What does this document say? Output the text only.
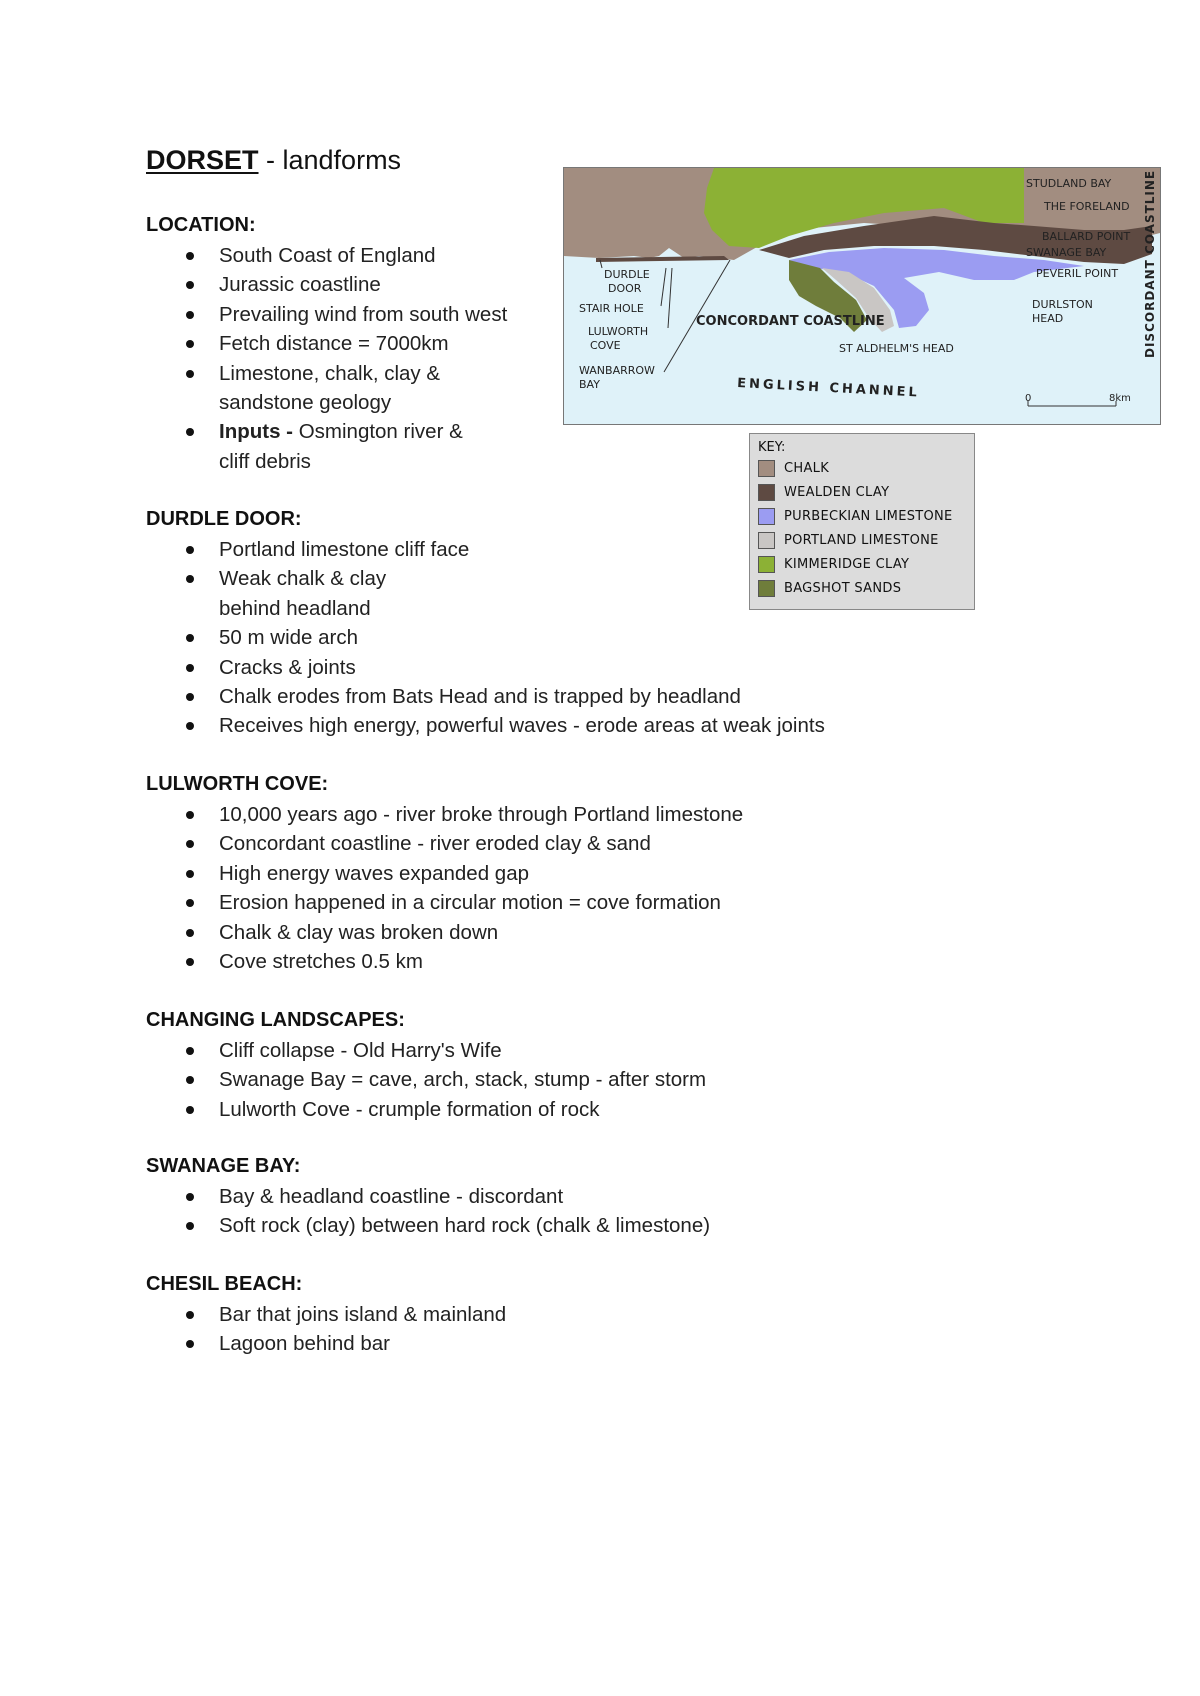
DORSET - landforms
LOCATION:
South Coast of England
Jurassic coastline
Prevailing wind from south west
Fetch distance = 7000km
Limestone, chalk, clay & sandstone geology
Inputs - Osmington river & cliff debris
DURDLE DOOR:
Portland limestone cliff face
Weak chalk & clay behind headland
50 m wide arch
Cracks & joints
Chalk erodes from Bats Head and is trapped by headland
Receives high energy, powerful waves - erode areas at weak joints
LULWORTH COVE:
10,000 years ago - river broke through Portland limestone
Concordant coastline - river eroded clay & sand
High energy waves expanded gap
Erosion happened in a circular motion = cove formation
Chalk & clay was broken down
Cove stretches 0.5 km
CHANGING LANDSCAPES:
Cliff collapse - Old Harry's Wife
Swanage Bay = cave, arch, stack, stump - after storm
Lulworth Cove - crumple formation of rock
SWANAGE BAY:
Bay & headland coastline - discordant
Soft rock (clay) between hard rock (chalk & limestone)
CHESIL BEACH:
Bar that joins island & mainland
Lagoon behind bar
DURDLE
DOOR
STAIR HOLE
LULWORTH
COVE
WANBARROW
BAY
CONCORDANT COASTLINE
ST ALDHELM'S HEAD
ENGLISH CHANNEL
STUDLAND BAY
THE FORELAND
BALLARD POINT
SWANAGE BAY
PEVERIL POINT
DURLSTON
HEAD	DISCORDANT COASTLINE
0	8km
KEY:
CHALK
WEALDEN CLAY
PURBECKIAN LIMESTONE
PORTLAND LIMESTONE
KIMMERIDGE CLAY
BAGSHOT SANDS
